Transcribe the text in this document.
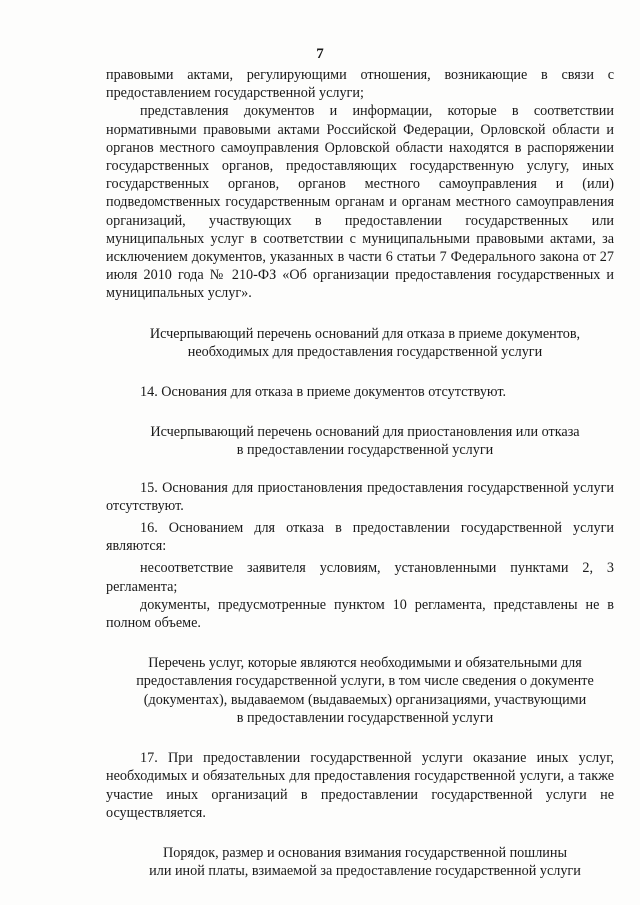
7

правовыми актами, регулирующими отношения, возникающие в связи с предоставлением государственной услуги;

представления документов и информации, которые в соответствии нормативными правовыми актами Российской Федерации, Орловской области и органов местного самоуправления Орловской области находятся в распоряжении государственных органов, предоставляющих государственную услугу, иных государственных органов, органов местного самоуправления и (или) подведомственных государственным органам и органам местного самоуправления организаций, участвующих в предоставлении государственных или муниципальных услуг в соответствии с муниципальными правовыми актами, за исключением документов, указанных в части 6 статьи 7 Федерального закона от 27 июля 2010 года № 210-ФЗ «Об организации предоставления государственных и муниципальных услуг».

Исчерпывающий перечень оснований для отказа в приеме документов,
необходимых для предоставления государственной услуги

14. Основания для отказа в приеме документов отсутствуют.

Исчерпывающий перечень оснований для приостановления или отказа
в предоставлении государственной услуги

15. Основания для приостановления предоставления государственной услуги отсутствуют.

16. Основанием для отказа в предоставлении государственной услуги являются:

несоответствие заявителя условиям, установленными пунктами 2, 3 регламента;

документы, предусмотренные пунктом 10 регламента, представлены не в полном объеме.

Перечень услуг, которые являются необходимыми и обязательными для
предоставления государственной услуги, в том числе сведения о документе
(документах), выдаваемом (выдаваемых) организациями, участвующими
в предоставлении государственной услуги

17. При предоставлении государственной услуги оказание иных услуг, необходимых и обязательных для предоставления государственной услуги, а также участие иных организаций в предоставлении государственной услуги не осуществляется.

Порядок, размер и основания взимания государственной пошлины
или иной платы, взимаемой за предоставление государственной услуги
